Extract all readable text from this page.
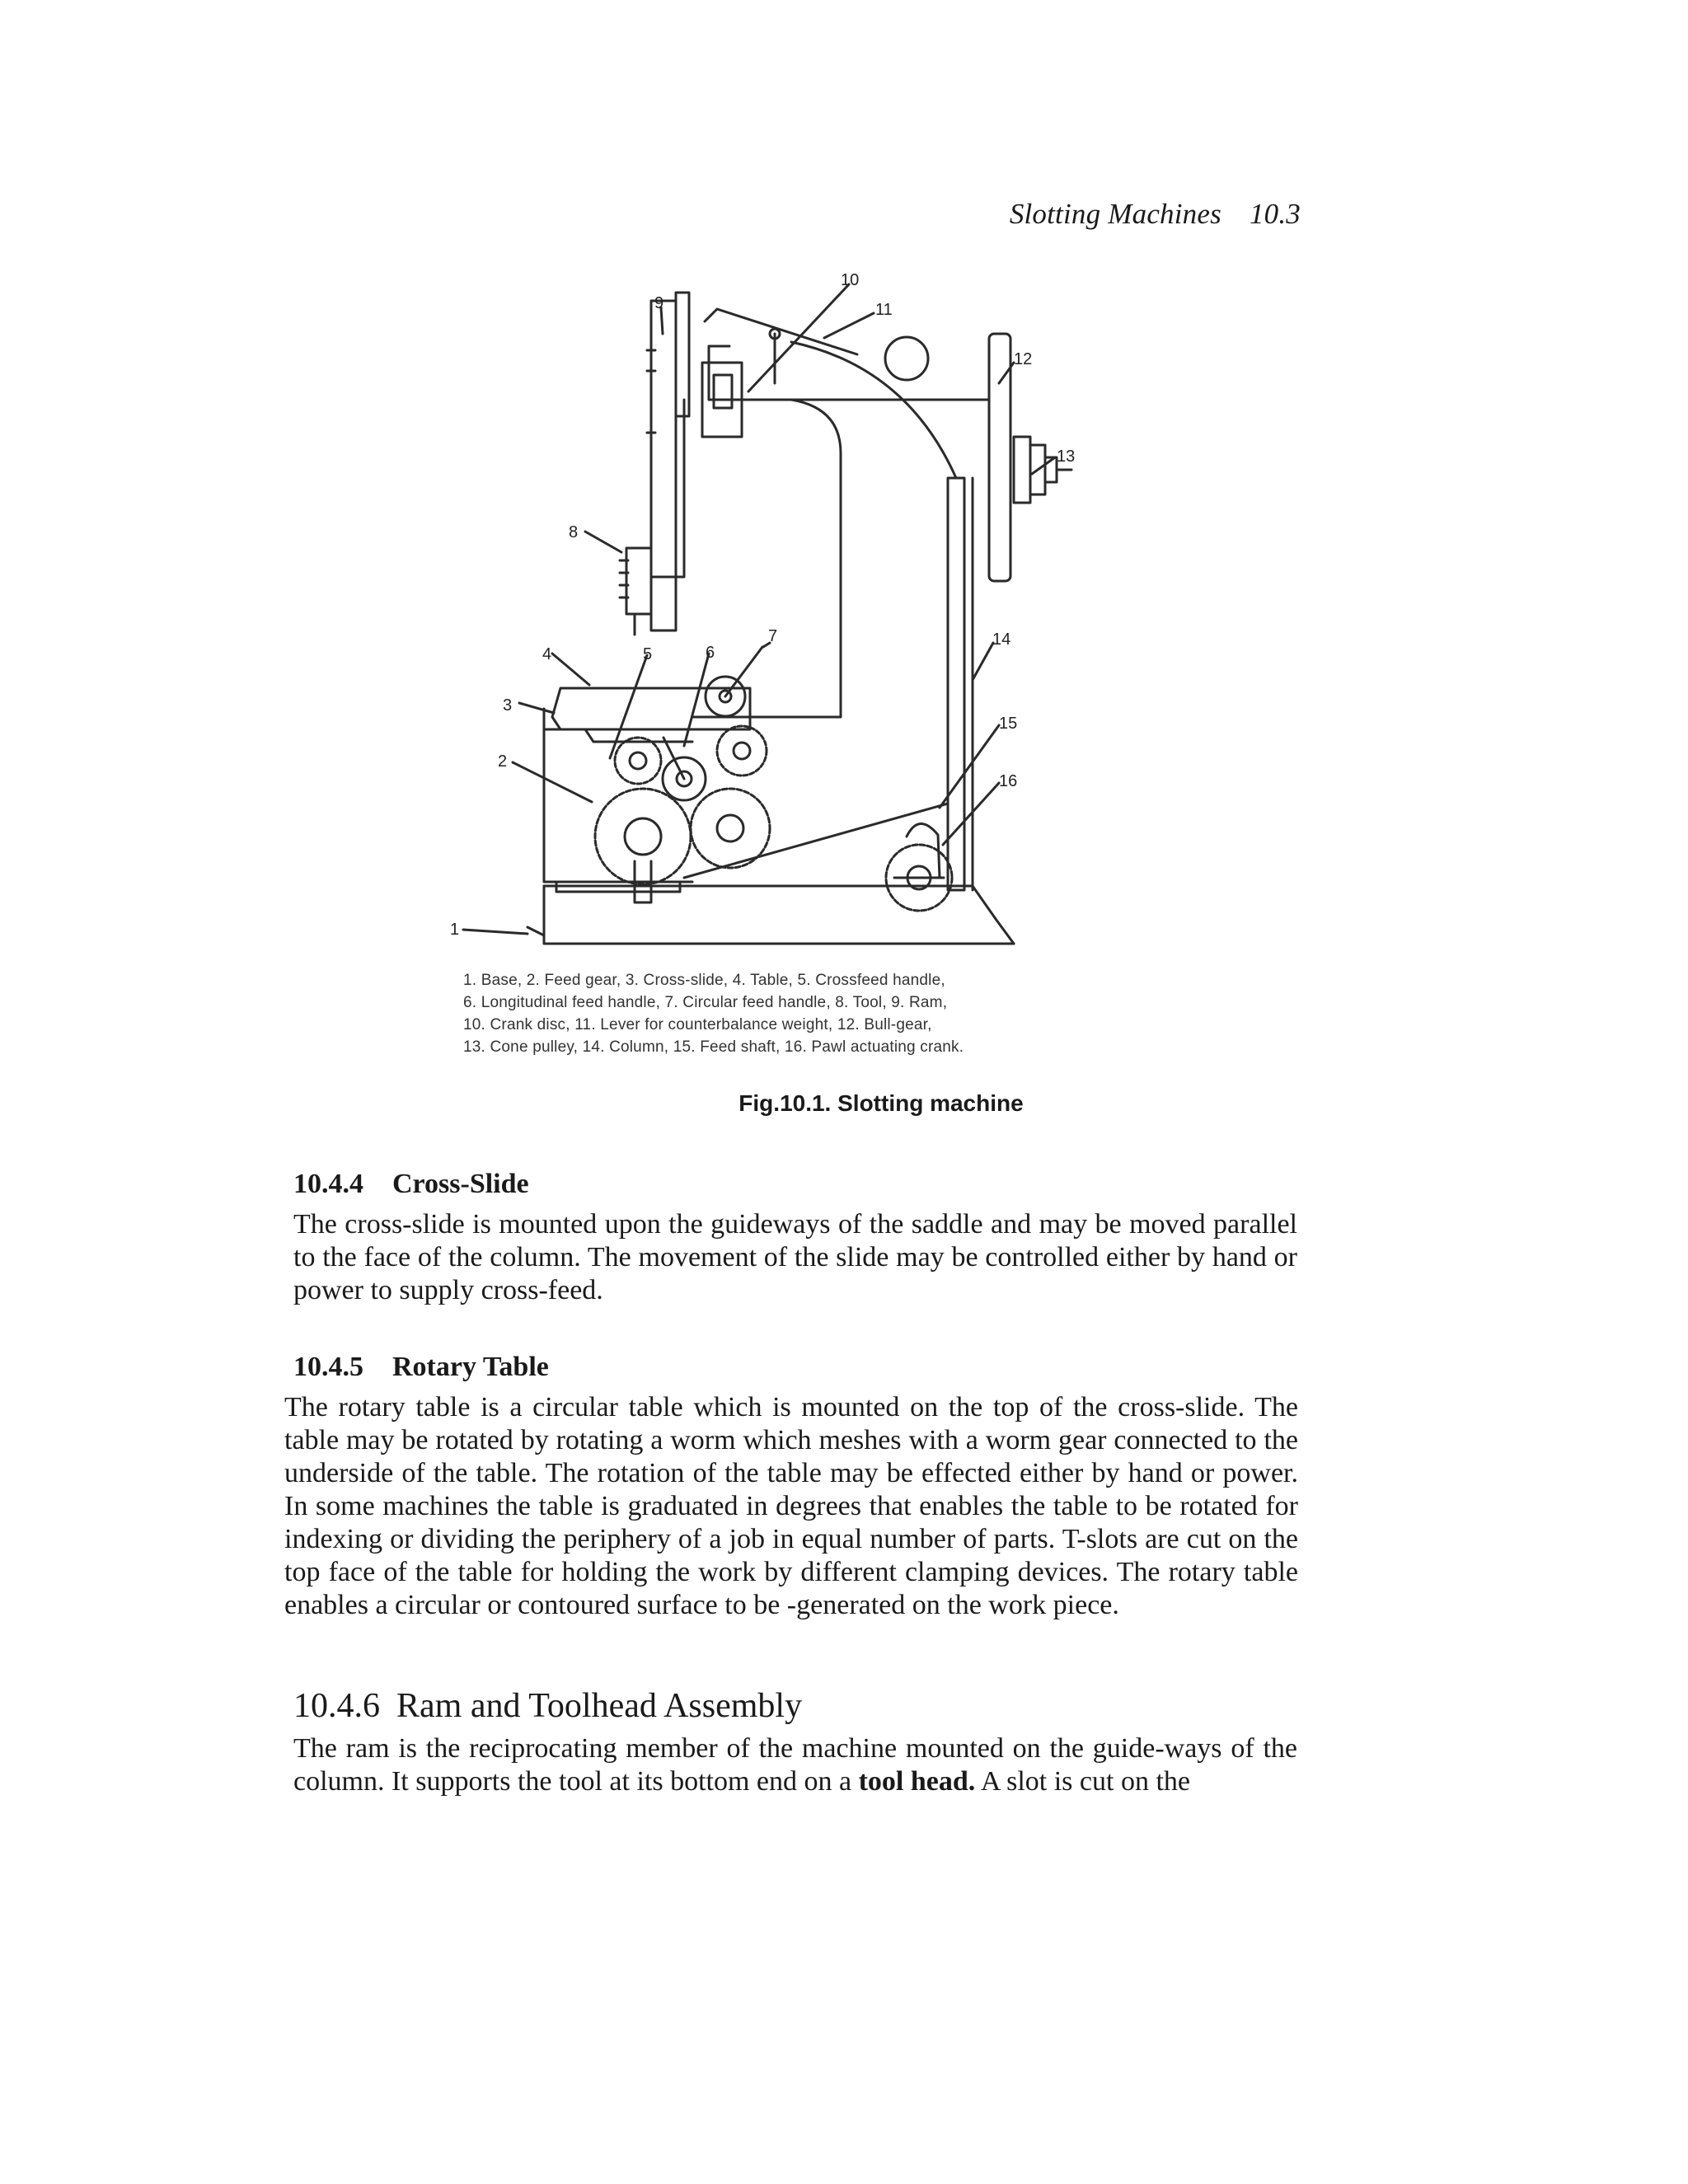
Slotting Machines 10.3
1
2
3
4	5	6
7
8
9
10
11
12
13
14
15
16
1. Base, 2. Feed gear, 3. Cross-slide, 4. Table, 5. Crossfeed handle,
6. Longitudinal feed handle, 7. Circular feed handle, 8. Tool, 9. Ram,
10. Crank disc, 11. Lever for counterbalance weight, 12. Bull-gear,
13. Cone pulley, 14. Column, 15. Feed shaft, 16. Pawl actuating crank.
Fig.10.1. Slotting machine
10.4.4 Cross-Slide

The cross-slide is mounted upon the guideways of the saddle and may be moved parallel to the face of the column. The movement of the slide may be controlled either by hand or power to supply cross-feed.

10.4.5 Rotary Table

The rotary table is a circular table which is mounted on the top of the cross-slide. The table may be rotated by rotating a worm which meshes with a worm gear connected to the underside of the table. The rotation of the table may be effected either by hand or power. In some machines the table is graduated in degrees that enables the table to be rotated for indexing or dividing the periphery of a job in equal number of parts. T-slots are cut on the top face of the table for holding the work by different clamping devices. The rotary table enables a circular or contoured surface to be -generated on the work piece.

10.4.6 Ram and Toolhead Assembly

The ram is the reciprocating member of the machine mounted on the guide-ways of the column. It supports the tool at its bottom end on a tool head. A slot is cut on the
